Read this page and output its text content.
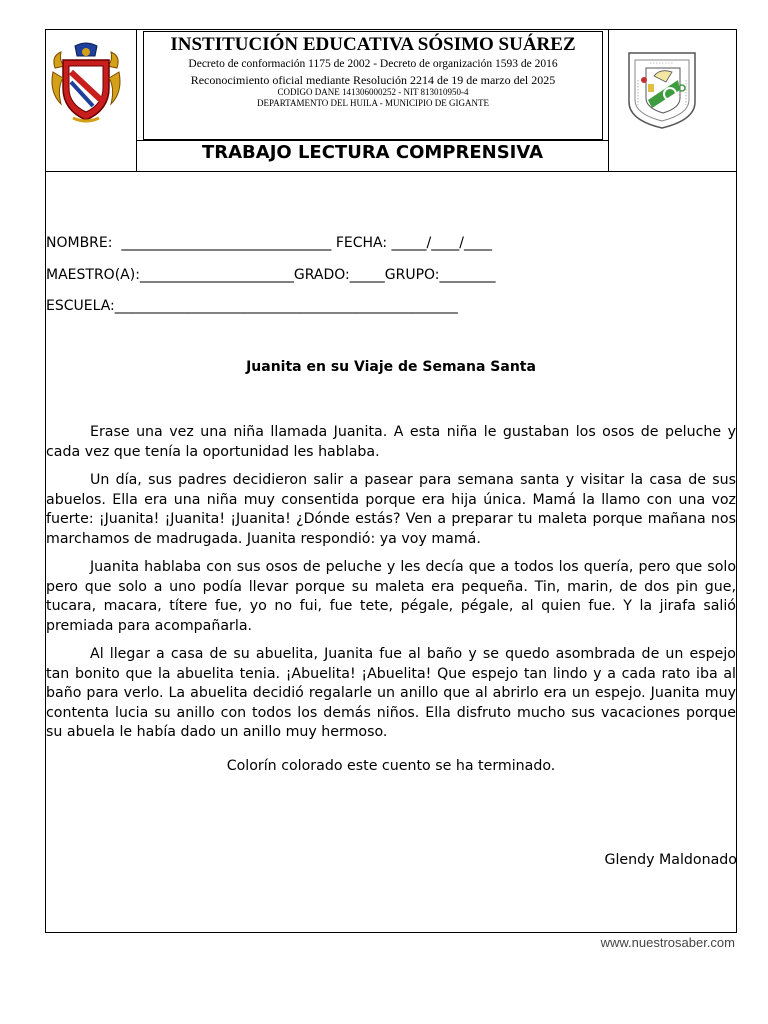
INSTITUCIÓN EDUCATIVA SÓSIMO SUÁREZ
Decreto de conformación 1175 de 2002 - Decreto de organización 1593 de 2016
Reconocimiento oficial mediante Resolución 2214 de 19 de marzo del 2025
CODIGO DANE 141306000252 - NIT 813010950-4
DEPARTAMENTO DEL HUILA - MUNICIPIO DE GIGANTE
TRABAJO LECTURA COMPRENSIVA
NOMBRE:  ______________________________ FECHA: _____/____/____
MAESTRO(A):______________________GRADO:_____GRUPO:________
ESCUELA:_________________________________________________
Juanita en su Viaje de Semana Santa

Erase una vez una niña llamada Juanita. A esta niña le gustaban los osos de peluche y cada vez que tenía la oportunidad les hablaba.

Un día, sus padres decidieron salir a pasear para semana santa y visitar la casa de sus abuelos. Ella era una niña muy consentida porque era hija única. Mamá la llamo con una voz fuerte: ¡Juanita! ¡Juanita! ¡Juanita! ¿Dónde estás? Ven a preparar tu maleta porque mañana nos marchamos de madrugada. Juanita respondió: ya voy mamá.

Juanita hablaba con sus osos de peluche y les decía que a todos los quería, pero que solo pero que solo a uno podía llevar porque su maleta era pequeña. Tin, marin, de dos pin gue, tucara, macara, títere fue, yo no fui, fue tete, pégale, pégale, al quien fue. Y la jirafa salió premiada para acompañarla.

Al llegar a casa de su abuelita, Juanita fue al baño y se quedo asombrada de un espejo tan bonito que la abuelita tenia. ¡Abuelita! ¡Abuelita! Que espejo tan lindo y a cada rato iba al baño para verlo. La abuelita decidió regalarle un anillo que al abrirlo era un espejo. Juanita muy contenta lucia su anillo con todos los demás niños. Ella disfruto mucho sus vacaciones porque su abuela le había dado un anillo muy hermoso.

Colorín colorado este cuento se ha terminado.
Glendy Maldonado
www.nuestrosaber.com
